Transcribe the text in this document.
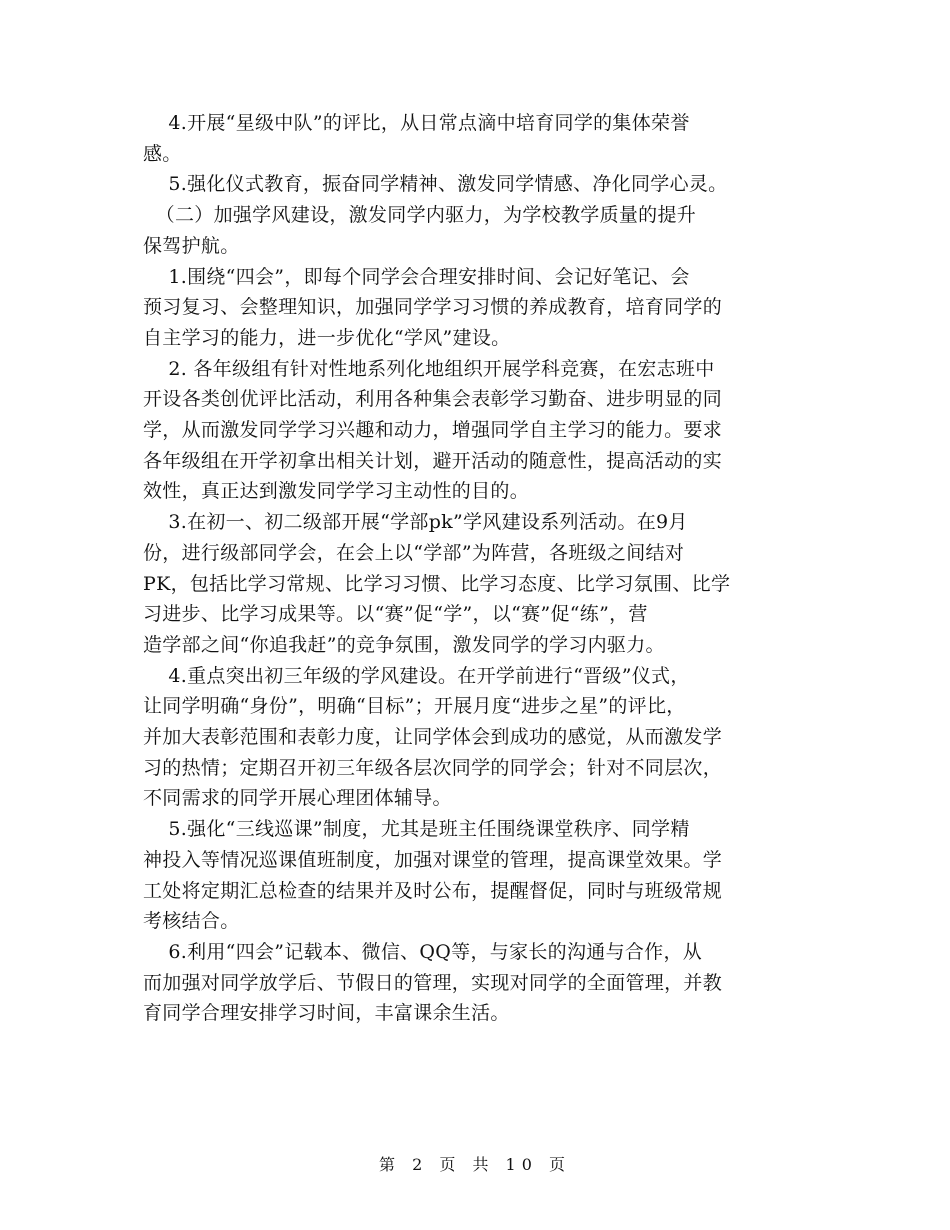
4.开展“星级中队”的评比，从日常点滴中培育同学的集体荣誉
感。
5.强化仪式教育，振奋同学精神、激发同学情感、净化同学心灵。
（二）加强学风建设，激发同学内驱力，为学校教学质量的提升
保驾护航。
1.围绕“四会”，即每个同学会合理安排时间、会记好笔记、会
预习复习、会整理知识，加强同学学习习惯的养成教育，培育同学的
自主学习的能力，进一步优化“学风”建设。
2. 各年级组有针对性地系列化地组织开展学科竞赛，在宏志班中
开设各类创优评比活动，利用各种集会表彰学习勤奋、进步明显的同
学，从而激发同学学习兴趣和动力，增强同学自主学习的能力。要求
各年级组在开学初拿出相关计划，避开活动的随意性，提高活动的实
效性，真正达到激发同学学习主动性的目的。
3.在初一、初二级部开展“学部pk”学风建设系列活动。在9月
份，进行级部同学会，在会上以“学部”为阵营，各班级之间结对
PK，包括比学习常规、比学习习惯、比学习态度、比学习氛围、比学
习进步、比学习成果等。以“赛”促“学”，以“赛”促“练”，营
造学部之间“你追我赶”的竞争氛围，激发同学的学习内驱力。
4.重点突出初三年级的学风建设。在开学前进行“晋级”仪式，
让同学明确“身份”，明确“目标”；开展月度“进步之星”的评比，
并加大表彰范围和表彰力度，让同学体会到成功的感觉，从而激发学
习的热情；定期召开初三年级各层次同学的同学会；针对不同层次，
不同需求的同学开展心理团体辅导。
5.强化“三线巡课”制度，尤其是班主任围绕课堂秩序、同学精
神投入等情况巡课值班制度，加强对课堂的管理，提高课堂效果。学
工处将定期汇总检查的结果并及时公布，提醒督促，同时与班级常规
考核结合。
6.利用“四会”记载本、微信、QQ等，与家长的沟通与合作，从
而加强对同学放学后、节假日的管理，实现对同学的全面管理，并教
育同学合理安排学习时间，丰富课余生活。
第 2 页 共 10 页
